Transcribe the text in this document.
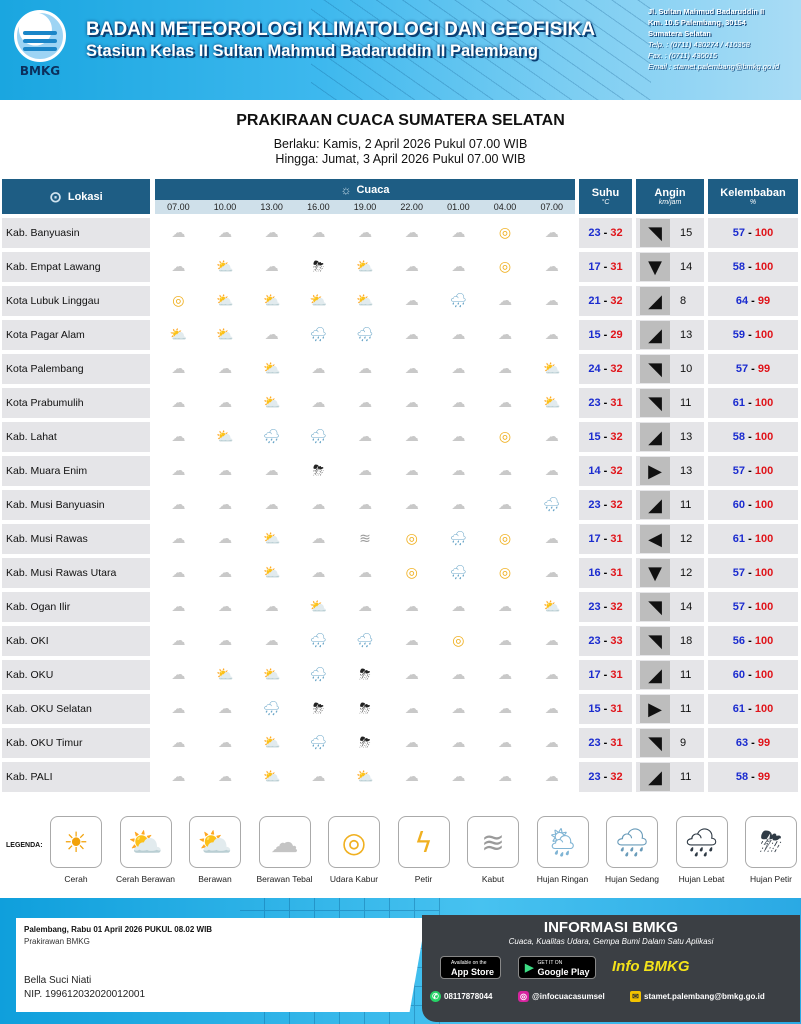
BMKG
BADAN METEOROLOGI KLIMATOLOGI DAN GEOFISIKA
Stasiun Kelas II Sultan Mahmud Badaruddin II Palembang
Jl. Sultan Mahmud Badaruddin II
Km. 10.5 Palembang, 30154
Sumatera Selatan
Telp. : (0711) 430274 / 410358
Fax. : (0711) 430015
Email : stamet.palembang@bmkg.go.id
PRAKIRAAN CUACA SUMATERA SELATAN
Berlaku: Kamis, 2 April 2026 Pukul 07.00 WIB
Hingga: Jumat, 3 April 2026 Pukul 07.00 WIB
⊙ Lokasi	☼ Cuaca
07.00	10.00	13.00	16.00	19.00	22.00	01.00	04.00	07.00
Suhu
°C
Angin
km/jam
Kelembaban
%
Kab. Banyuasin	☁	☁	☁	☁	☁	☁	☁	◎	☁	23 - 32	◥	15	57 - 100
Kab. Empat Lawang	☁	⛅	☁	⛈	⛅	☁	☁	◎	☁	17 - 31	▼	14	58 - 100
Kota Lubuk Linggau	◎	⛅	⛅	⛅	⛅	☁	🌧	☁	☁	21 - 32	◢	8	64 - 99
Kota Pagar Alam	⛅	⛅	☁	🌧	🌧	☁	☁	☁	☁	15 - 29	◢	13	59 - 100
Kota Palembang	☁	☁	⛅	☁	☁	☁	☁	☁	⛅	24 - 32	◥	10	57 - 99
Kota Prabumulih	☁	☁	⛅	☁	☁	☁	☁	☁	⛅	23 - 31	◥	11	61 - 100
Kab. Lahat	☁	⛅	🌧	🌧	☁	☁	☁	◎	☁	15 - 32	◢	13	58 - 100
Kab. Muara Enim	☁	☁	☁	⛈	☁	☁	☁	☁	☁	14 - 32	▶	13	57 - 100
Kab. Musi Banyuasin	☁	☁	☁	☁	☁	☁	☁	☁	🌧	23 - 32	◢	11	60 - 100
Kab. Musi Rawas	☁	☁	⛅	☁	≋	◎	🌧	◎	☁	17 - 31	◀	12	61 - 100
Kab. Musi Rawas Utara	☁	☁	⛅	☁	☁	◎	🌧	◎	☁	16 - 31	▼	12	57 - 100
Kab. Ogan Ilir	☁	☁	☁	⛅	☁	☁	☁	☁	⛅	23 - 32	◥	14	57 - 100
Kab. OKI	☁	☁	☁	🌧	🌧	☁	◎	☁	☁	23 - 33	◥	18	56 - 100
Kab. OKU	☁	⛅	⛅	🌧	⛈	☁	☁	☁	☁	17 - 31	◢	11	60 - 100
Kab. OKU Selatan	☁	☁	🌧	⛈	⛈	☁	☁	☁	☁	15 - 31	▶	11	61 - 100
Kab. OKU Timur	☁	☁	⛅	🌧	⛈	☁	☁	☁	☁	23 - 31	◥	9	63 - 99
Kab. PALI	☁	☁	⛅	☁	⛅	☁	☁	☁	☁	23 - 32	◢	11	58 - 99
LEGENDA: ☀
Cerah
⛅
Cerah Berawan
⛅
Berawan
☁
Berawan Tebal
◎
Udara Kabur
ϟ
Petir
≋
Kabut
🌦
Hujan Ringan
🌧
Hujan Sedang
🌧
Hujan Lebat
⛈
Hujan Petir
Palembang, Rabu 01 April 2026 PUKUL 08.02 WIB
Prakirawan BMKG
Bella Suci Niati
NIP. 199612032020012001
INFORMASI BMKG
Cuaca, Kualitas Udara, Gempa Bumi Dalam Satu Aplikasi
Available on the
App Store	▶ GET IT ON
Google Play Info BMKG
✆ 08117878044	◎ @infocuacasumsel	✉ stamet.palembang@bmkg.go.id
